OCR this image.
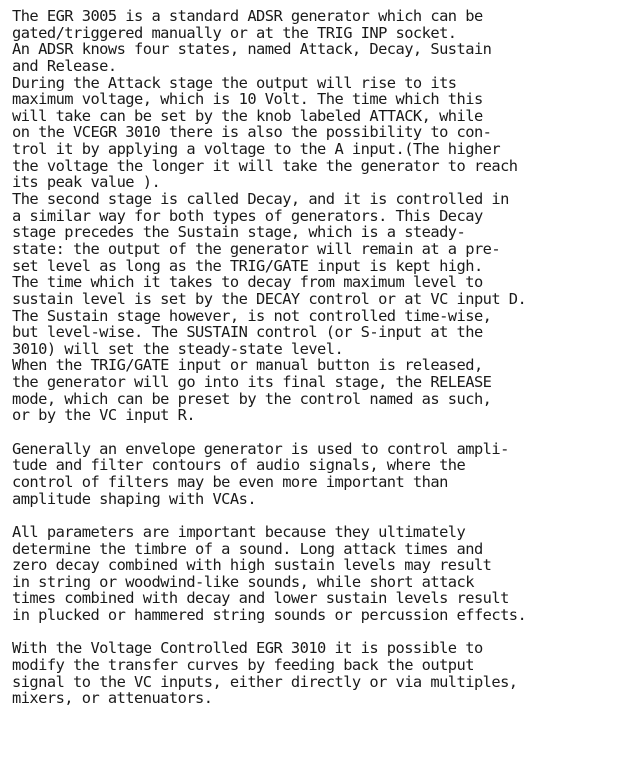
The EGR 3005 is a standard ADSR generator which can be
gated/triggered manually or at the TRIG INP socket.
An ADSR knows four states, named Attack, Decay, Sustain
and Release.
During the Attack stage the output will rise to its
maximum voltage, which is 10 Volt. The time which this
will take can be set by the knob labeled ATTACK, while
on the VCEGR 3010 there is also the possibility to con-
trol it by applying a voltage to the A input.(The higher
the voltage the longer it will take the generator to reach
its peak value ).
The second stage is called Decay, and it is controlled in
a similar way for both types of generators. This Decay
stage precedes the Sustain stage, which is a steady-
state: the output of the generator will remain at a pre-
set level as long as the TRIG/GATE input is kept high.
The time which it takes to decay from maximum level to
sustain level is set by the DECAY control or at VC input D.
The Sustain stage however, is not controlled time-wise,
but level-wise. The SUSTAIN control (or S-input at the
3010) will set the steady-state level.
When the TRIG/GATE input or manual button is released,
the generator will go into its final stage, the RELEASE
mode, which can be preset by the control named as such,
or by the VC input R.
Generally an envelope generator is used to control ampli-
tude and filter contours of audio signals, where the
control of filters may be even more important than
amplitude shaping with VCAs.
All parameters are important because they ultimately
determine the timbre of a sound. Long attack times and
zero decay combined with high sustain levels may result
in string or woodwind-like sounds, while short attack
times combined with decay and lower sustain levels result
in plucked or hammered string sounds or percussion effects.
With the Voltage Controlled EGR 3010 it is possible to
modify the transfer curves by feeding back the output
signal to the VC inputs, either directly or via multiples,
mixers, or attenuators.
